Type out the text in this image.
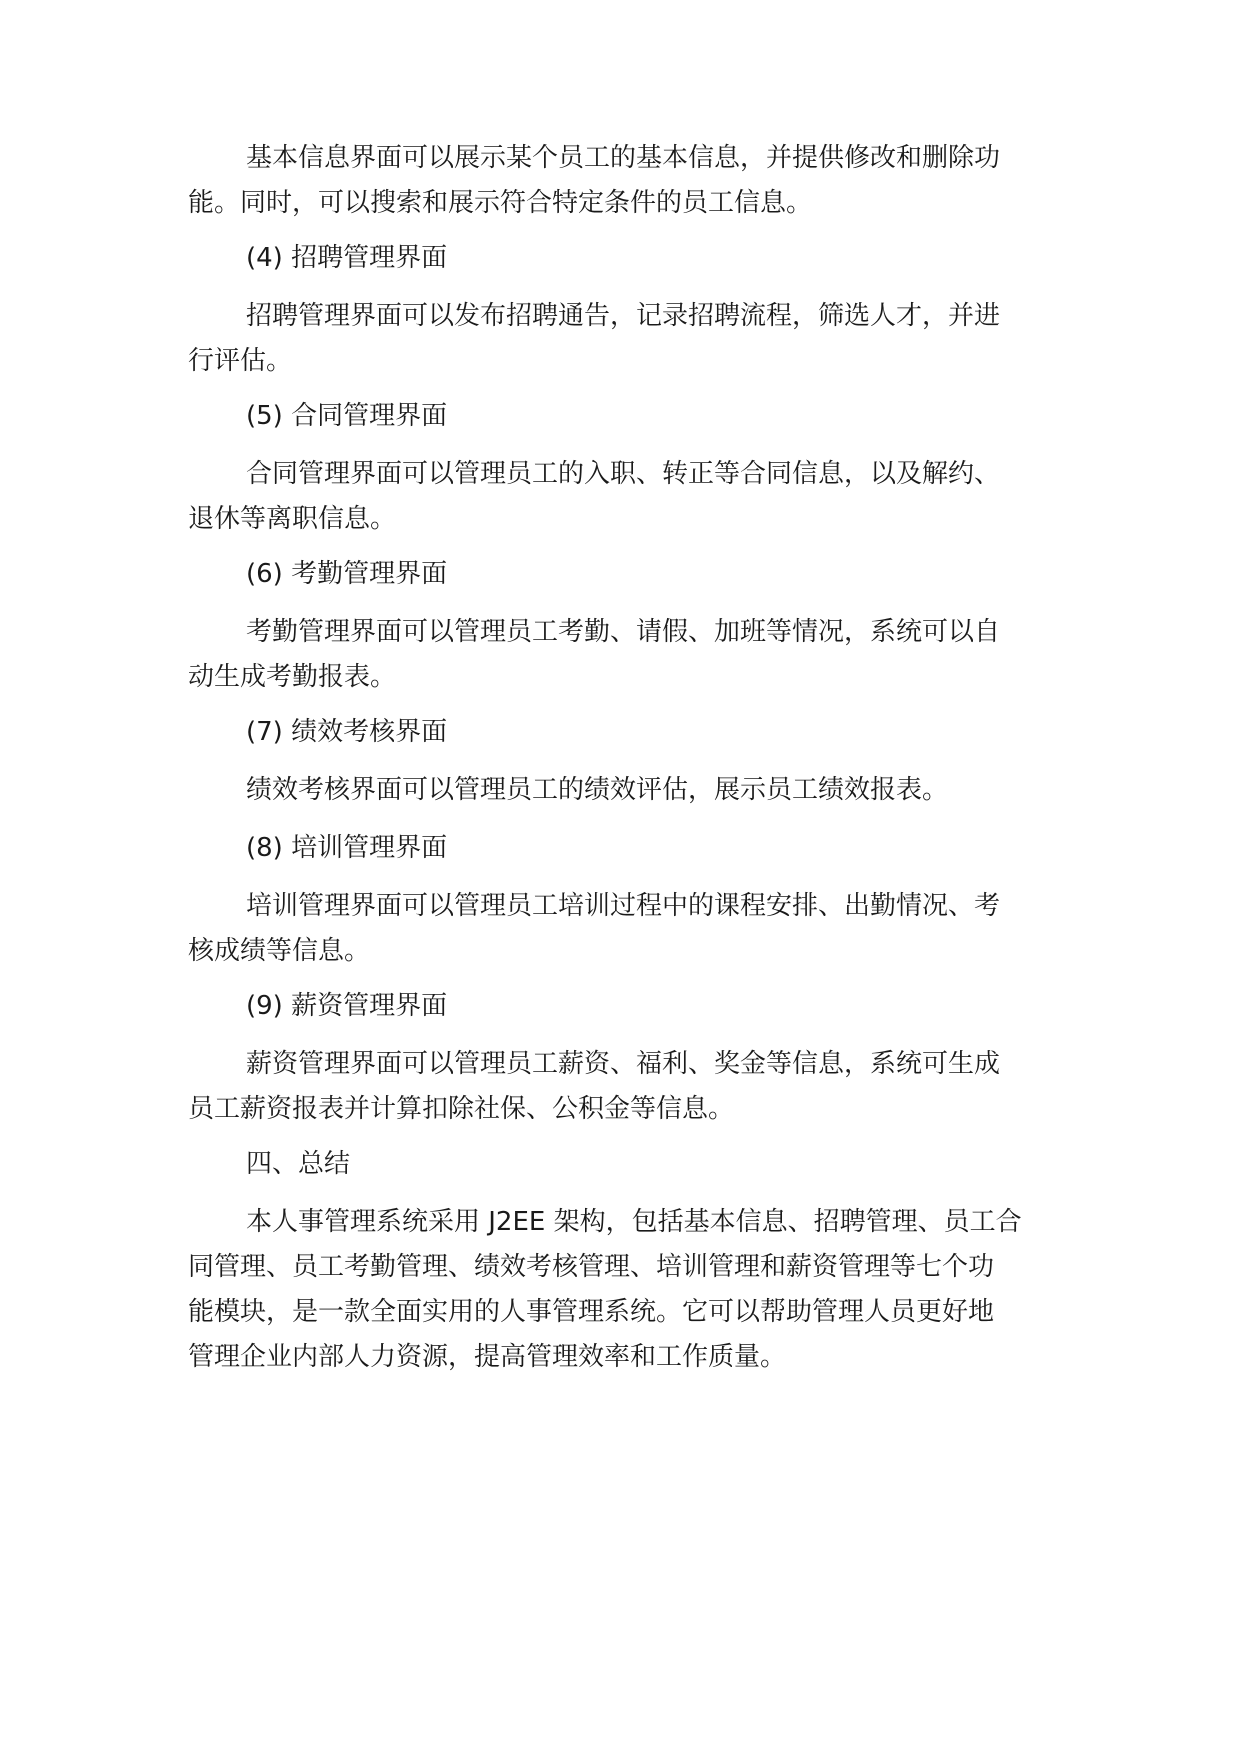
基本信息界面可以展示某个员工的基本信息，并提供修改和删除功
能。同时，可以搜索和展示符合特定条件的员工信息。
(4) 招聘管理界面
招聘管理界面可以发布招聘通告，记录招聘流程，筛选人才，并进
行评估。
(5) 合同管理界面
合同管理界面可以管理员工的入职、转正等合同信息，以及解约、
退休等离职信息。
(6) 考勤管理界面
考勤管理界面可以管理员工考勤、请假、加班等情况，系统可以自
动生成考勤报表。
(7) 绩效考核界面
绩效考核界面可以管理员工的绩效评估，展示员工绩效报表。
(8) 培训管理界面
培训管理界面可以管理员工培训过程中的课程安排、出勤情况、考
核成绩等信息。
(9) 薪资管理界面
薪资管理界面可以管理员工薪资、福利、奖金等信息，系统可生成
员工薪资报表并计算扣除社保、公积金等信息。
四、总结
本人事管理系统采用 J2EE 架构，包括基本信息、招聘管理、员工合
同管理、员工考勤管理、绩效考核管理、培训管理和薪资管理等七个功
能模块，是一款全面实用的人事管理系统。它可以帮助管理人员更好地
管理企业内部人力资源，提高管理效率和工作质量。
